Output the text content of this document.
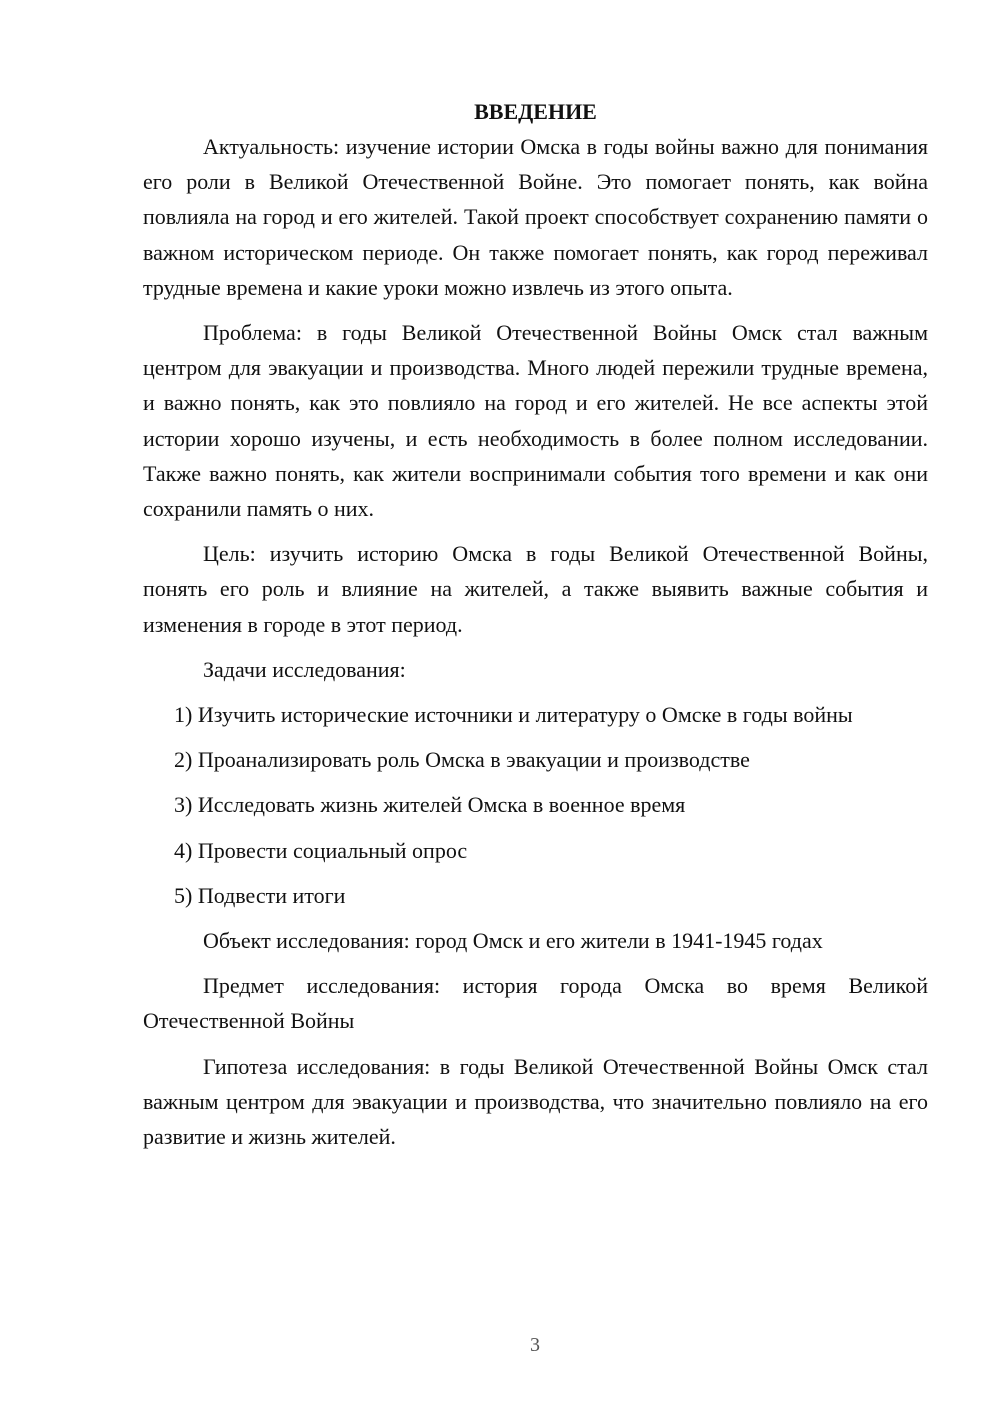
ВВЕДЕНИЕ

Актуальность: изучение истории Омска в годы войны важно для понимания его роли в Великой Отечественной Войне. Это помогает понять, как война повлияла на город и его жителей. Такой проект способствует сохранению памяти о важном историческом периоде. Он также помогает понять, как город переживал трудные времена и какие уроки можно извлечь из этого опыта.

Проблема: в годы Великой Отечественной Войны Омск стал важным центром для эвакуации и производства. Много людей пережили трудные времена, и важно понять, как это повлияло на город и его жителей. Не все аспекты этой истории хорошо изучены, и есть необходимость в более полном исследовании. Также важно понять, как жители воспринимали события того времени и как они сохранили память о них.

Цель: изучить историю Омска в годы Великой Отечественной Войны, понять его роль и влияние на жителей, а также выявить важные события и изменения в городе в этот период.

Задачи исследования:

1) Изучить исторические источники и литературу о Омске в годы войны

2) Проанализировать роль Омска в эвакуации и производстве

3) Исследовать жизнь жителей Омска в военное время

4) Провести социальный опрос

5) Подвести итоги

Объект исследования: город Омск и его жители в 1941-1945 годах

Предмет исследования: история города Омска во время Великой Отечественной Войны

Гипотеза исследования: в годы Великой Отечественной Войны Омск стал важным центром для эвакуации и производства, что значительно повлияло на его развитие и жизнь жителей.

3
